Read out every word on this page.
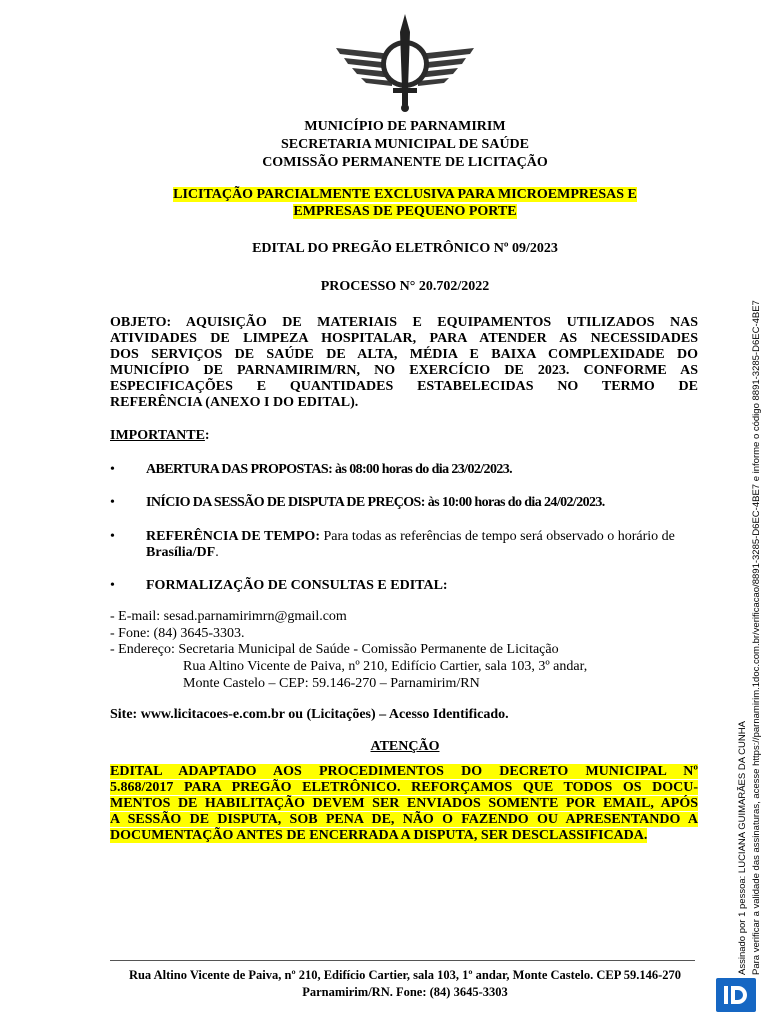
MUNICÍPIO DE PARNAMIRIM
SECRETARIA MUNICIPAL DE SAÚDE
COMISSÃO PERMANENTE DE LICITAÇÃO
LICITAÇÃO PARCIALMENTE EXCLUSIVA PARA MICROEMPRESAS E
EMPRESAS DE PEQUENO PORTE
EDITAL DO PREGÃO ELETRÔNICO Nº 09/2023
PROCESSO N° 20.702/2022
OBJETO: AQUISIÇÃO DE MATERIAIS E EQUIPAMENTOS UTILIZADOS NAS
ATIVIDADES DE LIMPEZA HOSPITALAR, PARA ATENDER AS NECESSIDADES
DOS SERVIÇOS DE SAÚDE DE ALTA, MÉDIA E BAIXA COMPLEXIDADE DO
MUNICÍPIO DE PARNAMIRIM/RN, NO EXERCÍCIO DE 2023. CONFORME AS
ESPECIFICAÇÕES E QUANTIDADES ESTABELECIDAS NO TERMO DE
REFERÊNCIA (ANEXO I DO EDITAL).
IMPORTANTE:
•	ABERTURA DAS PROPOSTAS: às 08:00 horas do dia 23/02/2023.
•	INÍCIO DA SESSÃO DE DISPUTA DE PREÇOS: às 10:00 horas do dia 24/02/2023.
•	REFERÊNCIA DE TEMPO: Para todas as referências de tempo será observado o horário de Brasília/DF.
•	FORMALIZAÇÃO DE CONSULTAS E EDITAL:
- E-mail: sesad.parnamirimrn@gmail.com
- Fone: (84) 3645-3303.
- Endereço: Secretaria Municipal de Saúde - Comissão Permanente de Licitação
Rua Altino Vicente de Paiva, nº 210, Edifício Cartier, sala 103, 3º andar,
Monte Castelo – CEP: 59.146-270 – Parnamirim/RN
Site: www.licitacoes-e.com.br ou (Licitações) – Acesso Identificado.
ATENÇÃO
EDITAL ADAPTADO AOS PROCEDIMENTOS DO DECRETO MUNICIPAL Nº
5.868/2017 PARA PREGÃO ELETRÔNICO. REFORÇAMOS QUE TODOS OS DOCU-
MENTOS DE HABILITAÇÃO DEVEM SER ENVIADOS SOMENTE POR EMAIL, APÓS
A SESSÃO DE DISPUTA, SOB PENA DE, NÃO O FAZENDO OU APRESENTANDO A
DOCUMENTAÇÃO ANTES DE ENCERRADA A DISPUTA, SER DESCLASSIFICADA.
Rua Altino Vicente de Paiva, nº 210, Edifício Cartier, sala 103, 1º andar, Monte Castelo. CEP 59.146-270
Parnamirim/RN. Fone: (84) 3645-3303
Assinado por 1 pessoa: LUCIANA GUIMARÃES DA CUNHA Para verificar a validade das assinaturas, acesse https://parnamirim.1doc.com.br/verificacao/8891-3285-D6EC-4BE7 e informe o código 8891-3285-D6EC-4BE7
